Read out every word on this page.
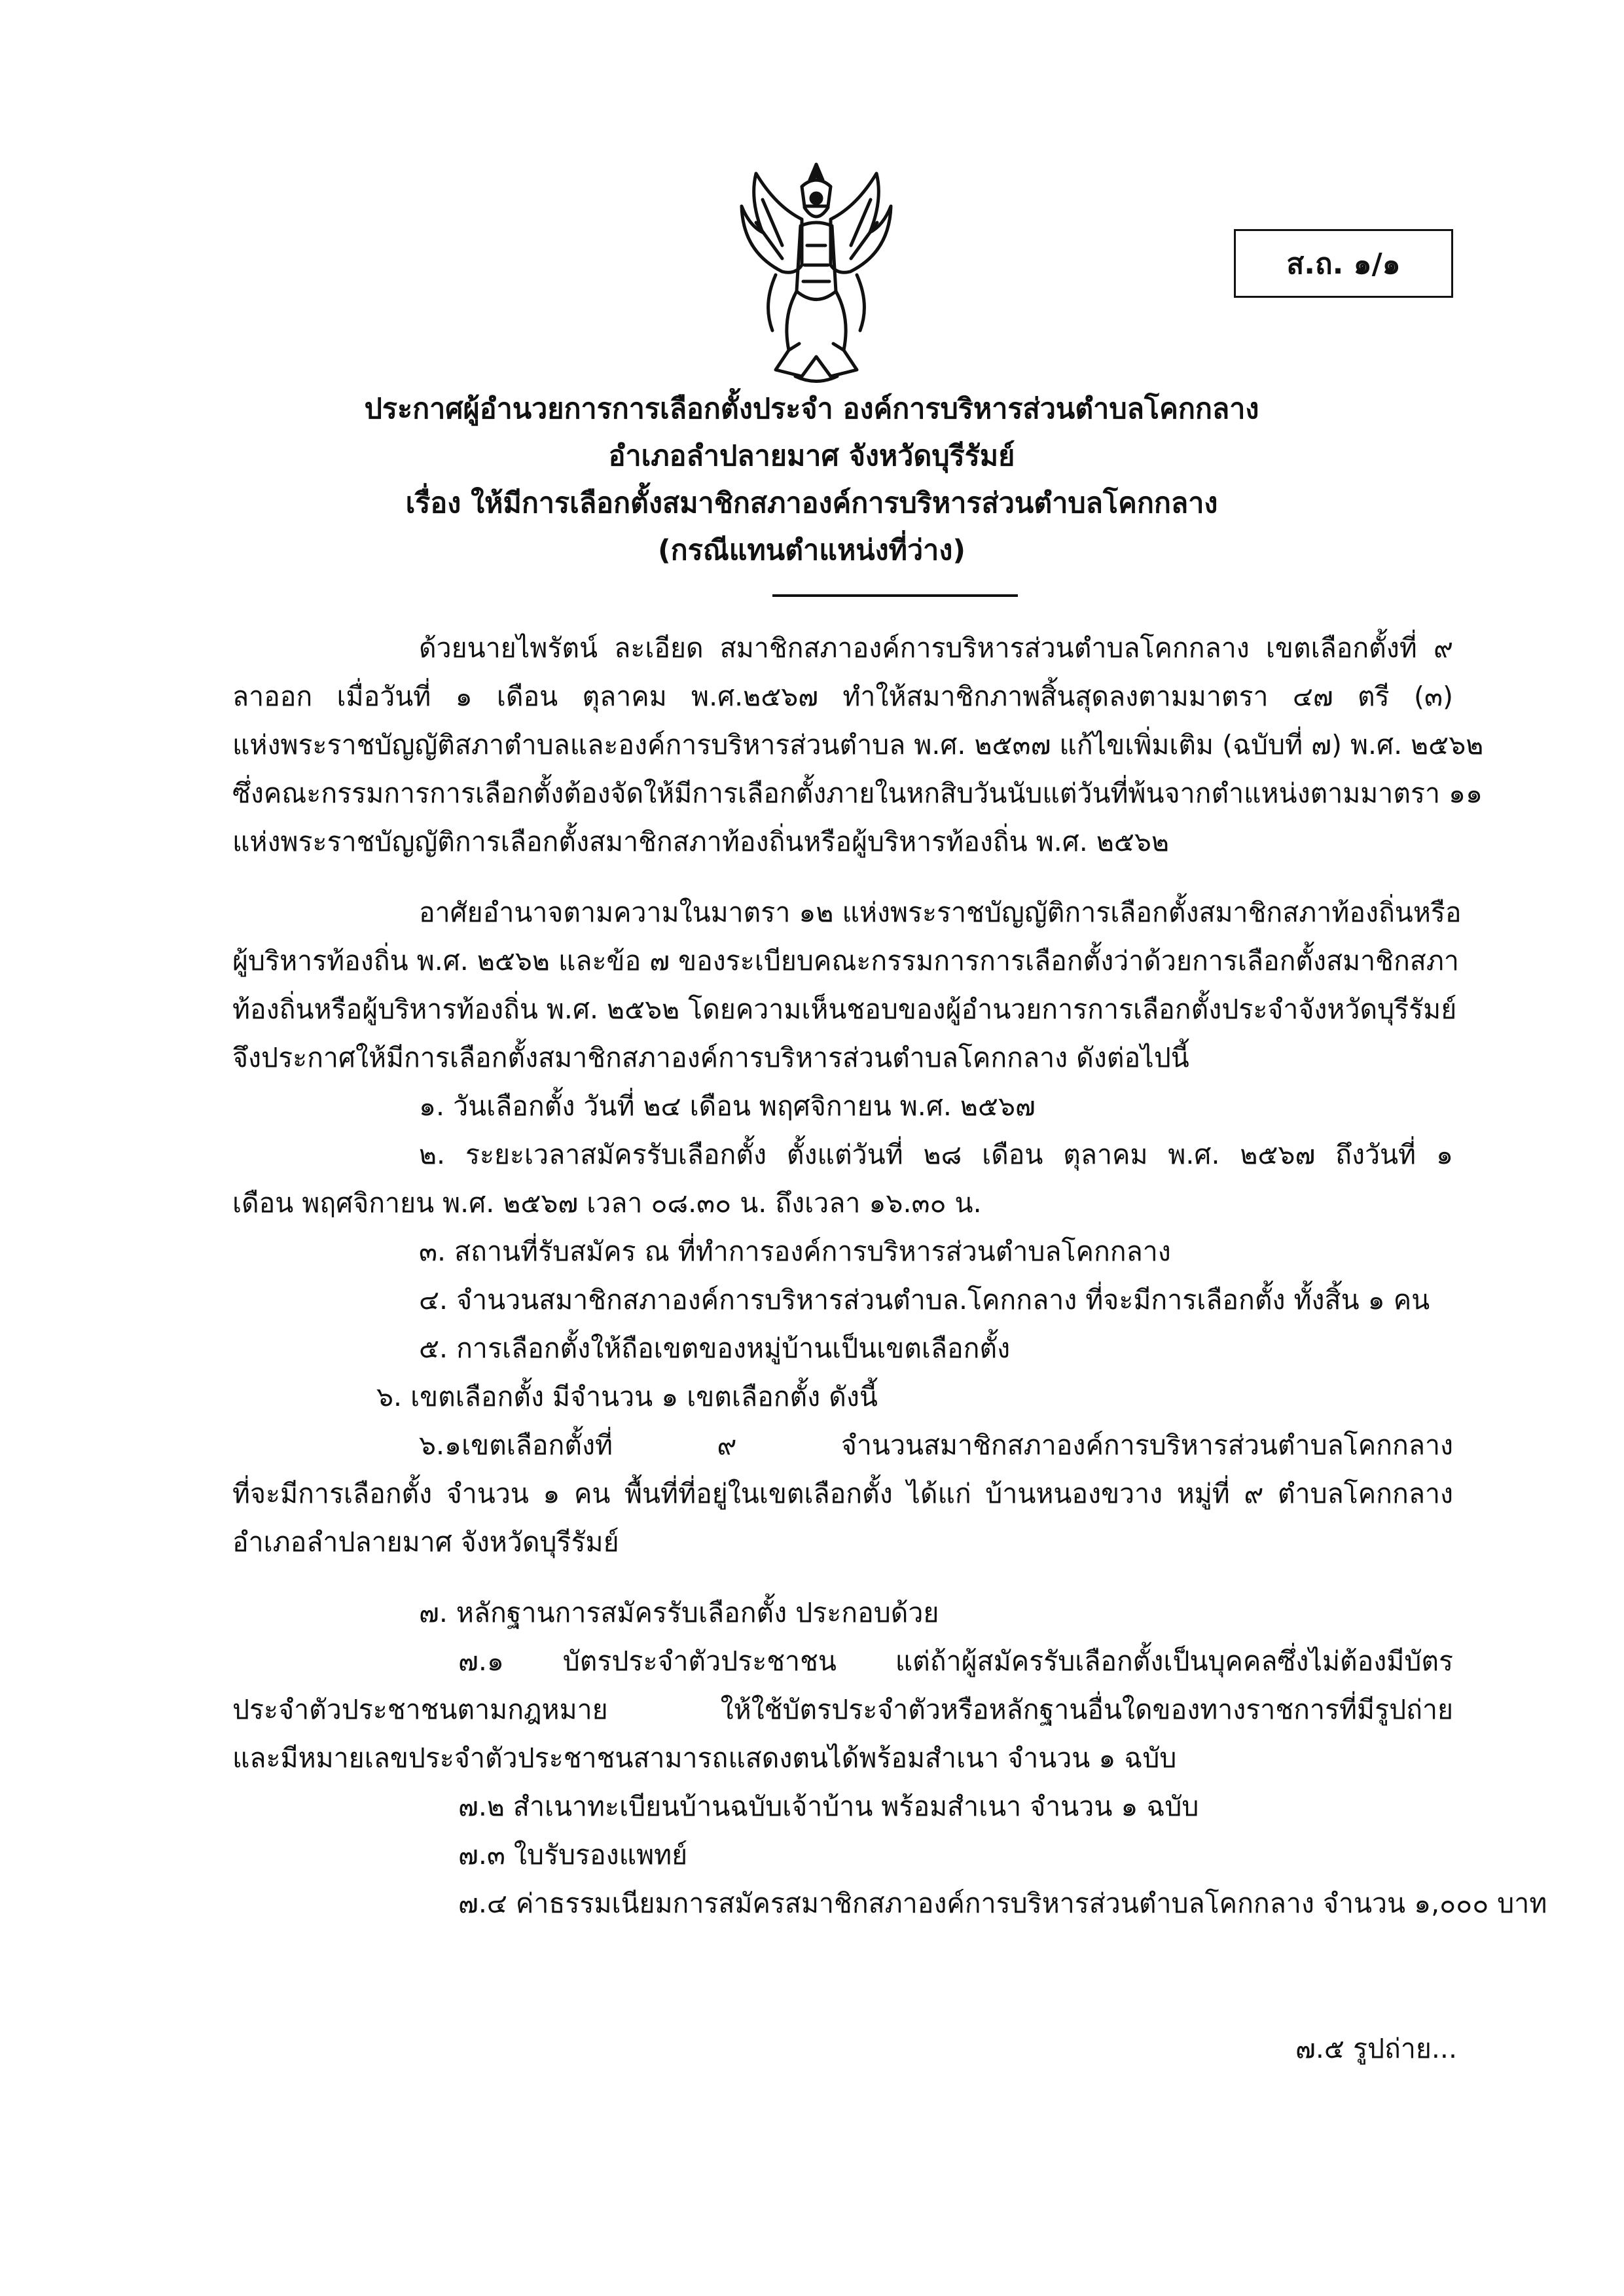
ส.ถ. ๑/๑
ประกาศผู้อำนวยการการเลือกตั้งประจำ องค์การบริหารส่วนตำบลโคกกลาง
อำเภอลำปลายมาศ จังหวัดบุรีรัมย์
เรื่อง ให้มีการเลือกตั้งสมาชิกสภาองค์การบริหารส่วนตำบลโคกกลาง
(กรณีแทนตำแหน่งที่ว่าง)
ด้วยนายไพรัตน์ ละเอียด สมาชิกสภาองค์การบริหารส่วนตำบลโคกกลาง เขตเลือกตั้งที่ ๙
ลาออก เมื่อวันที่ ๑ เดือน ตุลาคม พ.ศ.๒๕๖๗ ทำให้สมาชิกภาพสิ้นสุดลงตามมาตรา ๔๗ ตรี (๓)
แห่งพระราชบัญญัติสภาตำบลและองค์การบริหารส่วนตำบล พ.ศ. ๒๕๓๗ แก้ไขเพิ่มเติม (ฉบับที่ ๗) พ.ศ. ๒๕๖๒
ซึ่งคณะกรรมการการเลือกตั้งต้องจัดให้มีการเลือกตั้งภายในหกสิบวันนับแต่วันที่พ้นจากตำแหน่งตามมาตรา ๑๑
แห่งพระราชบัญญัติการเลือกตั้งสมาชิกสภาท้องถิ่นหรือผู้บริหารท้องถิ่น พ.ศ. ๒๕๖๒
อาศัยอำนาจตามความในมาตรา ๑๒ แห่งพระราชบัญญัติการเลือกตั้งสมาชิกสภาท้องถิ่นหรือ
ผู้บริหารท้องถิ่น พ.ศ. ๒๕๖๒ และข้อ ๗ ของระเบียบคณะกรรมการการเลือกตั้งว่าด้วยการเลือกตั้งสมาชิกสภา
ท้องถิ่นหรือผู้บริหารท้องถิ่น พ.ศ. ๒๕๖๒ โดยความเห็นชอบของผู้อำนวยการการเลือกตั้งประจำจังหวัดบุรีรัมย์
จึงประกาศให้มีการเลือกตั้งสมาชิกสภาองค์การบริหารส่วนตำบลโคกกลาง ดังต่อไปนี้
๑. วันเลือกตั้ง วันที่ ๒๔ เดือน พฤศจิกายน พ.ศ. ๒๕๖๗
๒. ระยะเวลาสมัครรับเลือกตั้ง ตั้งแต่วันที่ ๒๘ เดือน ตุลาคม พ.ศ. ๒๕๖๗ ถึงวันที่ ๑
เดือน พฤศจิกายน พ.ศ. ๒๕๖๗ เวลา ๐๘.๓๐ น. ถึงเวลา ๑๖.๓๐ น.
๓. สถานที่รับสมัคร ณ ที่ทำการองค์การบริหารส่วนตำบลโคกกลาง
๔. จำนวนสมาชิกสภาองค์การบริหารส่วนตำบล.โคกกลาง ที่จะมีการเลือกตั้ง ทั้งสิ้น ๑ คน
๕. การเลือกตั้งให้ถือเขตของหมู่บ้านเป็นเขตเลือกตั้ง
๖. เขตเลือกตั้ง มีจำนวน ๑ เขตเลือกตั้ง ดังนี้
๖.๑เขตเลือกตั้งที่ ๙ จำนวนสมาชิกสภาองค์การบริหารส่วนตำบลโคกกลาง
ที่จะมีการเลือกตั้ง จำนวน ๑ คน พื้นที่ที่อยู่ในเขตเลือกตั้ง ได้แก่ บ้านหนองขวาง หมู่ที่ ๙ ตำบลโคกกลาง
อำเภอลำปลายมาศ จังหวัดบุรีรัมย์
๗. หลักฐานการสมัครรับเลือกตั้ง ประกอบด้วย
๗.๑ บัตรประจำตัวประชาชน แต่ถ้าผู้สมัครรับเลือกตั้งเป็นบุคคลซึ่งไม่ต้องมีบัตร
ประจำตัวประชาชนตามกฎหมาย ให้ใช้บัตรประจำตัวหรือหลักฐานอื่นใดของทางราชการที่มีรูปถ่าย
และมีหมายเลขประจำตัวประชาชนสามารถแสดงตนได้พร้อมสำเนา จำนวน ๑ ฉบับ
๗.๒ สำเนาทะเบียนบ้านฉบับเจ้าบ้าน พร้อมสำเนา จำนวน ๑ ฉบับ
๗.๓ ใบรับรองแพทย์
๗.๔ ค่าธรรมเนียมการสมัครสมาชิกสภาองค์การบริหารส่วนตำบลโคกกลาง จำนวน ๑,๐๐๐ บาท
๗.๕ รูปถ่าย...
